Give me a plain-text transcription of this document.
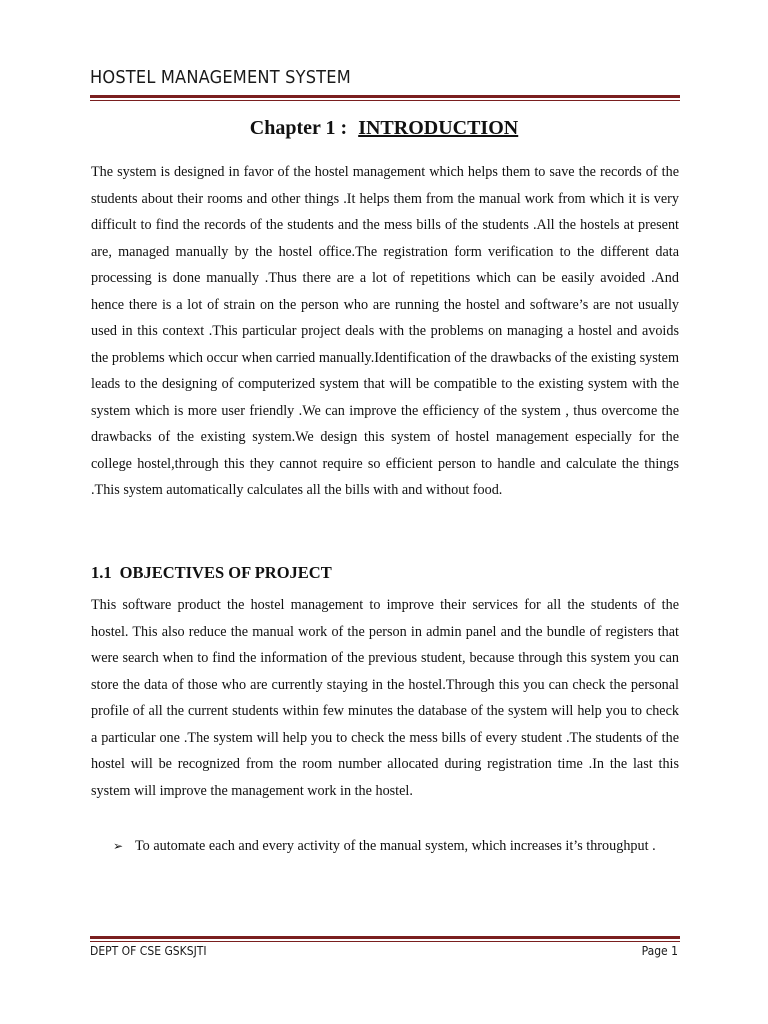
HOSTEL MANAGEMENT SYSTEM
Chapter 1 : INTRODUCTION

The system is designed in favor of the hostel management which helps them to save the records of the students about their rooms and other things .It helps them from the manual work from which it is very difficult to find the records of the students and the mess bills of the students .All the hostels at present are, managed manually by the hostel office.The registration form verification to the different data processing is done manually .Thus there are a lot of repetitions which can be easily avoided .And hence there is a lot of strain on the person who are running the hostel and software’s are not usually used in this context .This particular project deals with the problems on managing a hostel and avoids the problems which occur when carried manually.Identification of the drawbacks of the existing system leads to the designing of computerized system that will be compatible to the existing system with the system which is more user friendly .We can improve the efficiency of the system , thus overcome the drawbacks of the existing system.We design this system of hostel management especially for the college hostel,through this they cannot require so efficient person to handle and calculate the things .This system automatically calculates all the bills with and without food.

1.1 OBJECTIVES OF PROJECT

This software product the hostel management to improve their services for all the students of the hostel. This also reduce the manual work of the person in admin panel and the bundle of registers that were search when to find the information of the previous student, because through this system you can store the data of those who are currently staying in the hostel.Through this you can check the personal profile of all the current students within few minutes the database of the system will help you to check a particular one .The system will help you to check the mess bills of every student .The students of the hostel will be recognized from the room number allocated during registration time .In the last this system will improve the management work in the hostel.

➢ To automate each and every activity of the manual system, which increases it’s throughput .

DEPT OF CSE GSKSJTI	Page 1
